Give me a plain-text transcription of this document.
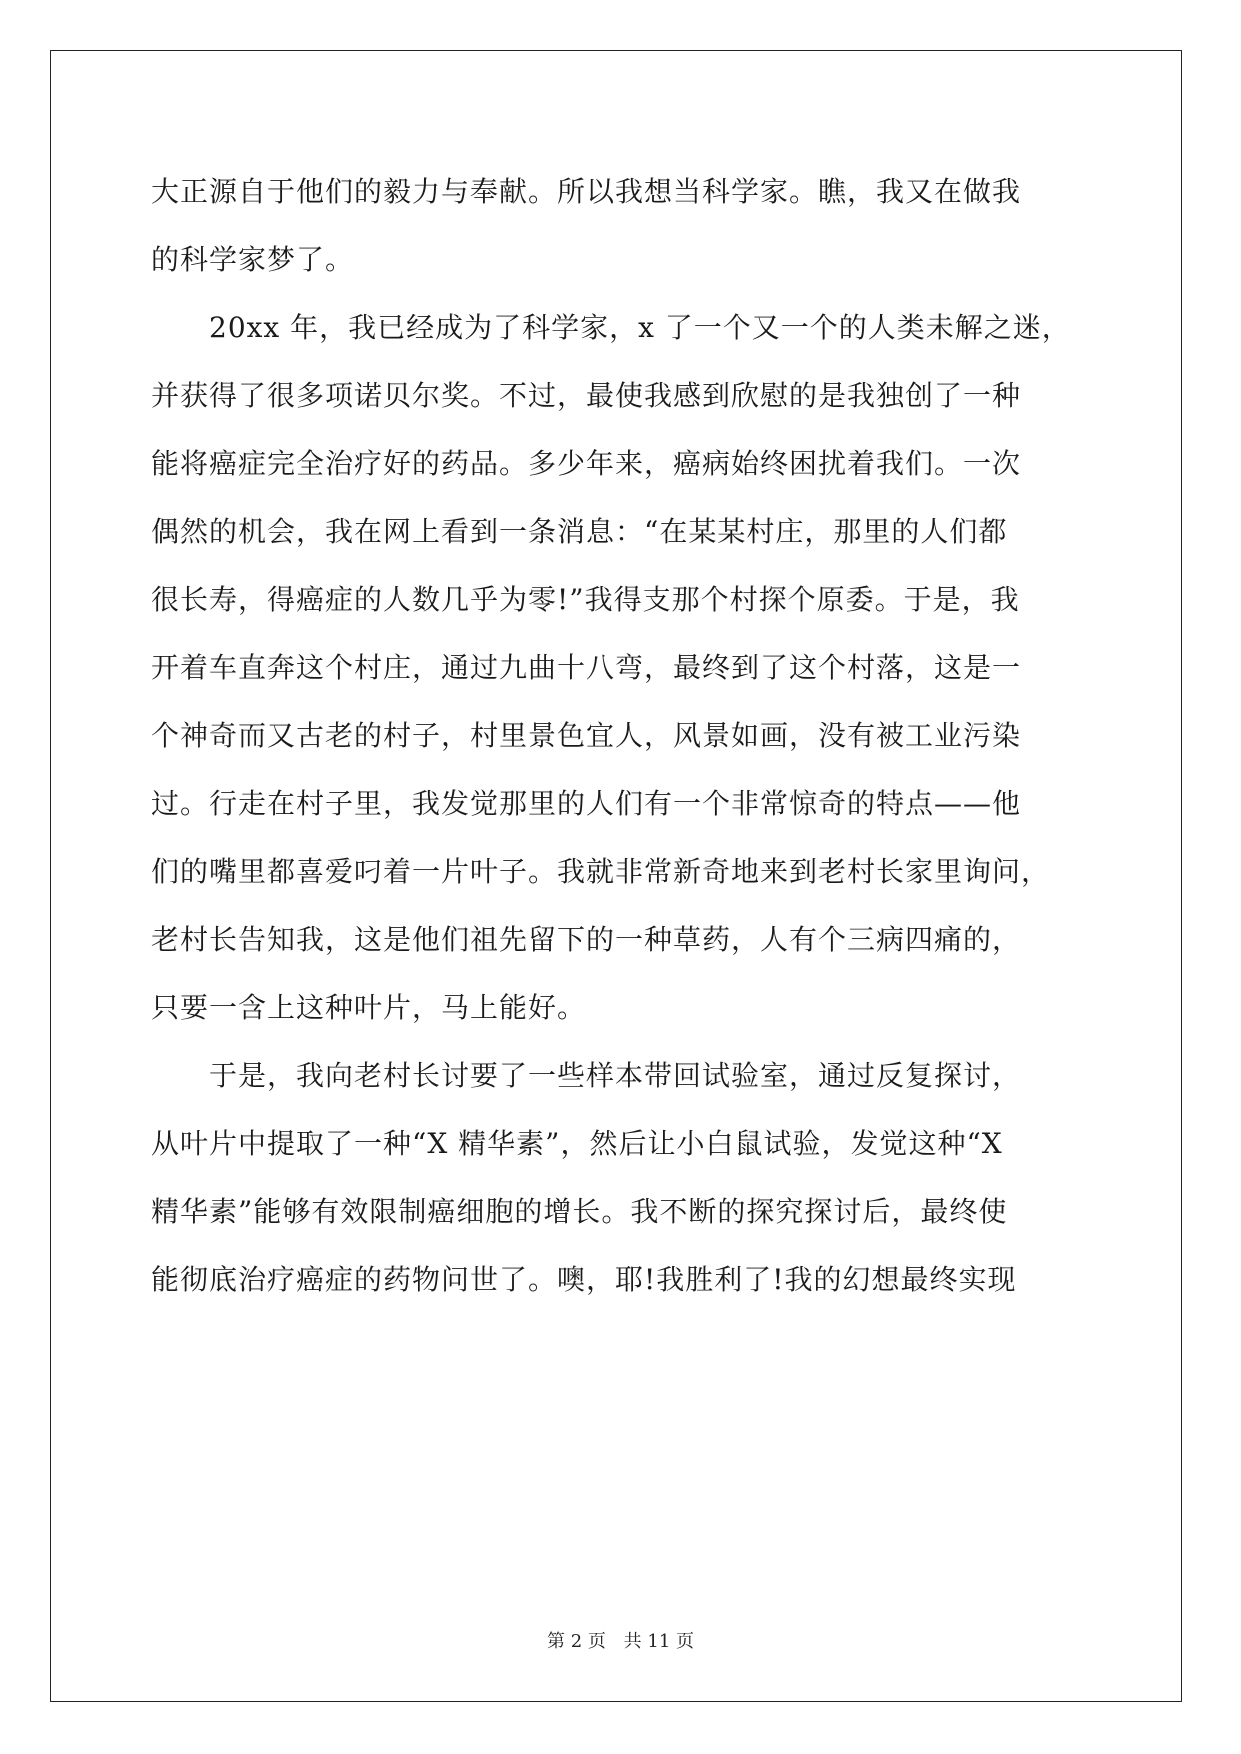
大正源自于他们的毅力与奉献。所以我想当科学家。瞧，我又在做我
的科学家梦了。
20xx 年，我已经成为了科学家，x 了一个又一个的人类未解之迷，
并获得了很多项诺贝尔奖。不过，最使我感到欣慰的是我独创了一种
能将癌症完全治疗好的药品。多少年来，癌病始终困扰着我们。一次
偶然的机会，我在网上看到一条消息：“在某某村庄，那里的人们都
很长寿，得癌症的人数几乎为零!”我得支那个村探个原委。于是，我
开着车直奔这个村庄，通过九曲十八弯，最终到了这个村落，这是一
个神奇而又古老的村子，村里景色宜人，风景如画，没有被工业污染
过。行走在村子里，我发觉那里的人们有一个非常惊奇的特点——他
们的嘴里都喜爱叼着一片叶子。我就非常新奇地来到老村长家里询问，
老村长告知我，这是他们祖先留下的一种草药，人有个三病四痛的，
只要一含上这种叶片，马上能好。
于是，我向老村长讨要了一些样本带回试验室，通过反复探讨，
从叶片中提取了一种“X 精华素”，然后让小白鼠试验，发觉这种“X
精华素”能够有效限制癌细胞的增长。我不断的探究探讨后，最终使
能彻底治疗癌症的药物问世了。噢，耶!我胜利了!我的幻想最终实现
第 2 页 共 11 页
